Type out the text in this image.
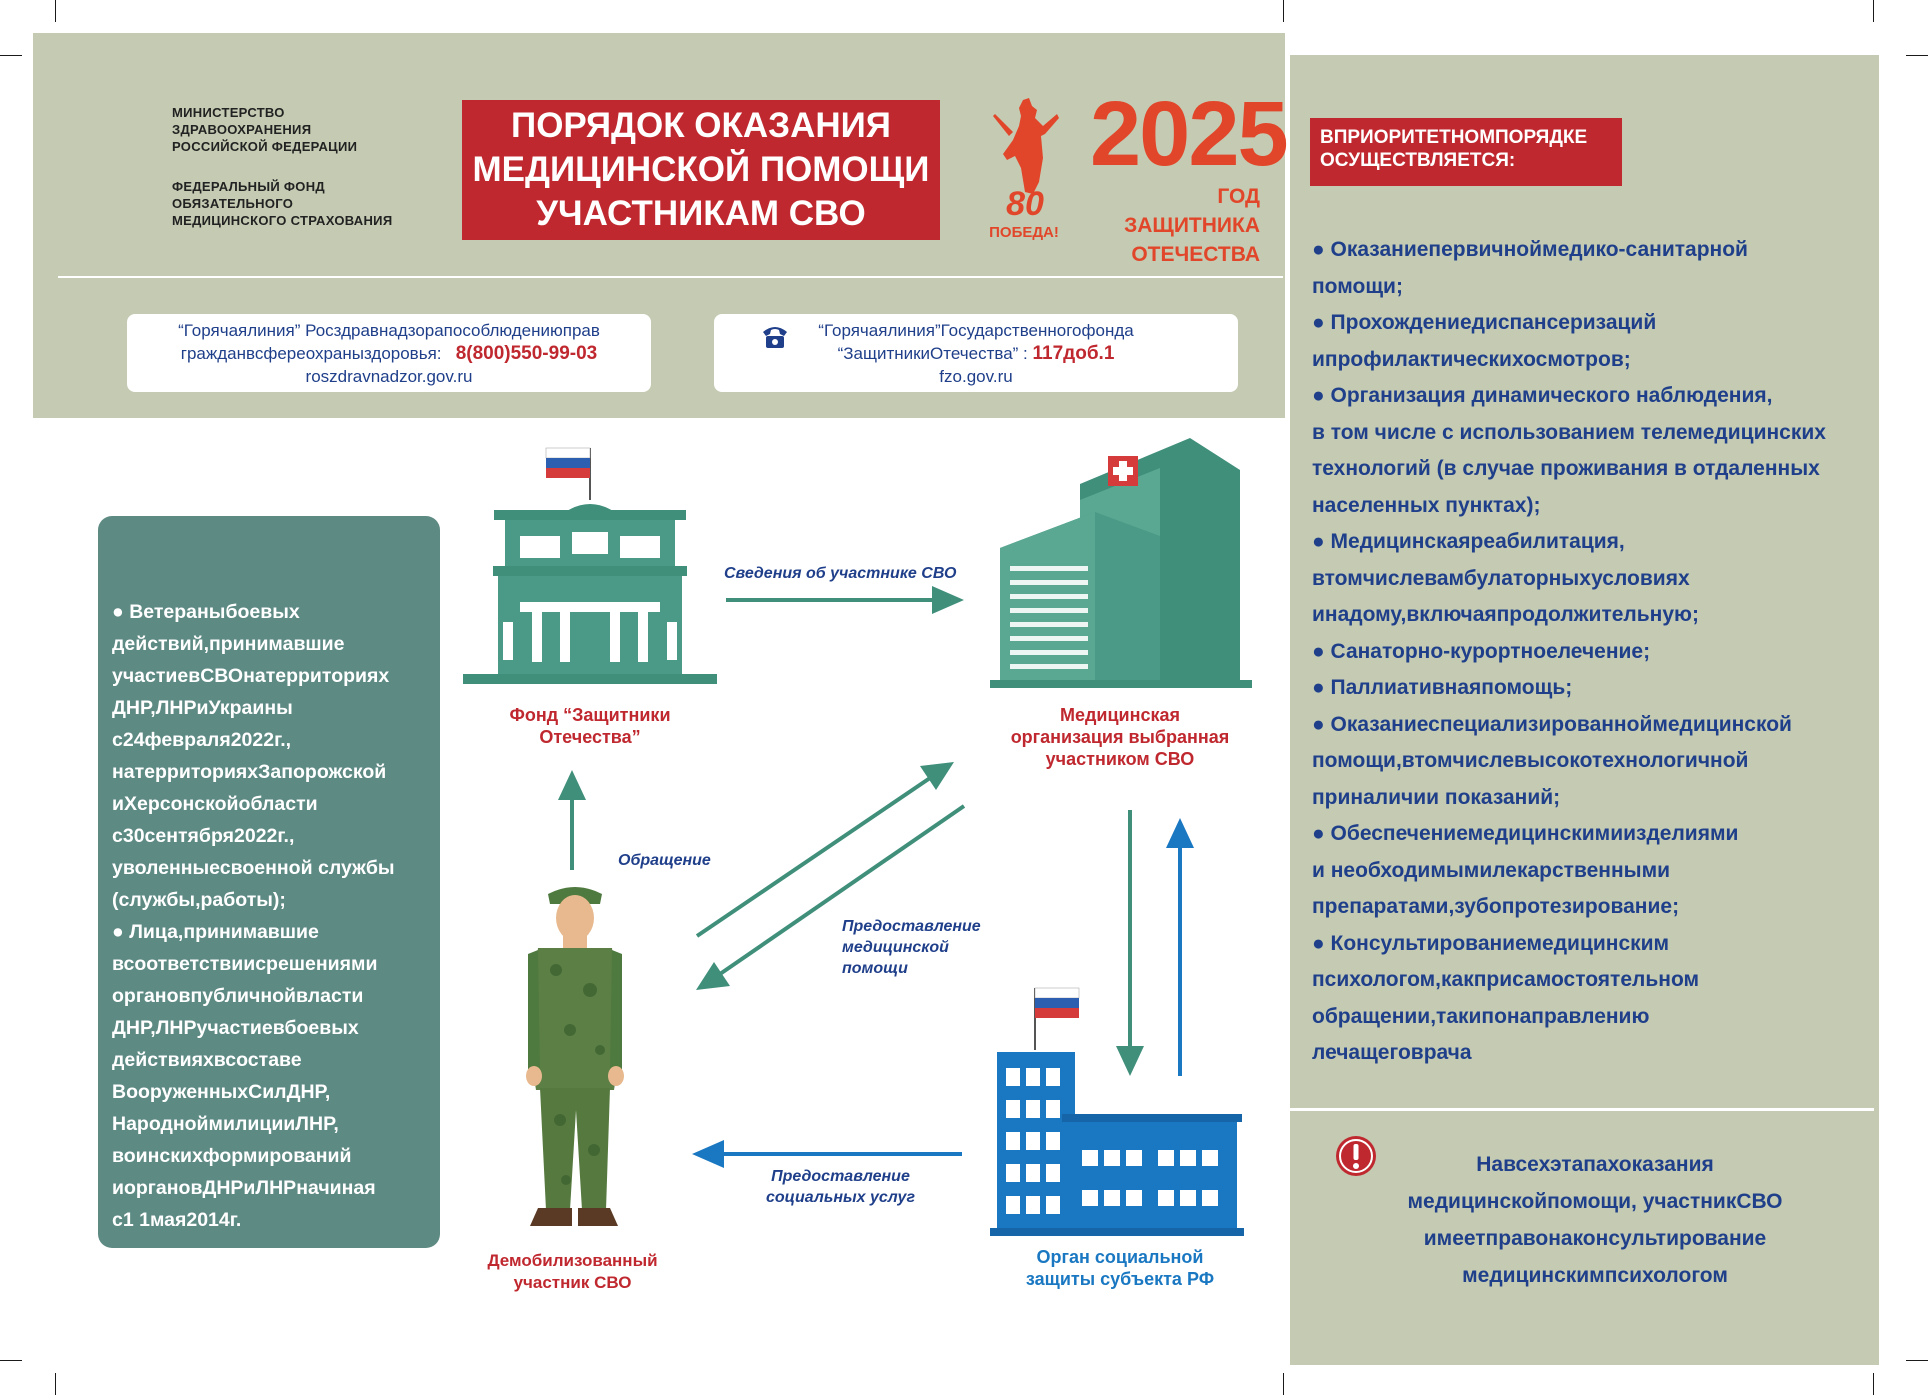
МИНИСТЕРСТВО
ЗДРАВООХРАНЕНИЯ
РОССИЙСКОЙ ФЕДЕРАЦИИ
ФЕДЕРАЛЬНЫЙ ФОНД
ОБЯЗАТЕЛЬНОГО
МЕДИЦИНСКОГО СТРАХОВАНИЯ
ПОРЯДОК ОКАЗАНИЯ
МЕДИЦИНСКОЙ ПОМОЩИ
УЧАСТНИКАМ СВО	80
ПОБЕДА!
2025
ГОД ЗАЩИТНИКА
ОТЕЧЕСТВА
“Горячаялиния” Росздравнадзорапособлюдениюправ
гражданвсфереохраныздоровья: 8(800)550-99-03
roszdravnadzor.gov.ru
“Горячаялиния”Государственногофонда
“ЗащитникиОтечества” : 117доб.1
fzo.gov.ru
● Ветераныбоевых
действий,принимавшие
участиевСВОнатерриториях
ДНР,ЛНРиУкраины
с24февраля2022г.,
натерриторияхЗапорожской
иХерсонскойобласти
с30сентября2022г.,
уволенныесвоенной службы
(службы,работы);
● Лица,принимавшие
всоответствиисрешениями
органовпубличнойвласти
ДНР,ЛНРучастиевбоевых
действияхвсоставе
ВооруженныхСилДНР,
НародноймилицииЛНР,
воинскихформирований
иоргановДНРиЛНРначиная
с1 1мая2014г.
Фонд “Защитники
Отечества”
Медицинская
организация выбранная
участником СВО
Демобилизованный
участник СВО
Орган социальной
защиты субъекта РФ
Сведения об участнике СВО
Обращение
Предоставление
медицинской
помощи
Предоставление
социальных услуг
ВПРИОРИТЕТНОМПОРЯДКЕ
ОСУЩЕСТВЛЯЕТСЯ:
● Оказаниепервичноймедико-санитарной
помощи;
● Прохождениедиспансеризаций
ипрофилактическихосмотров;
● Организация динамического наблюдения,
в том числе с использованием телемедицинских
технологий (в случае проживания в отдаленных
населенных пунктах);
● Медицинскаяреабилитация,
втомчислевамбулаторныхусловиях
инадому,включаяпродолжительную;
● Санаторно-курортноелечение;
● Паллиативнаяпомощь;
● Оказаниеспециализированноймедицинской
помощи,втомчислевысокотехнологичной
приналичии показаний;
● Обеспечениемедицинскимиизделиями
и необходимымилекарственными
препаратами,зубопротезирование;
● Консультированиемедицинским
психологом,какприсамостоятельном
обращении,такипонаправлению
лечащеговрача
Навсехэтапахоказания
медицинскойпомощи, участникСВО
имеетправонаконсультирование
медицинскимпсихологом
